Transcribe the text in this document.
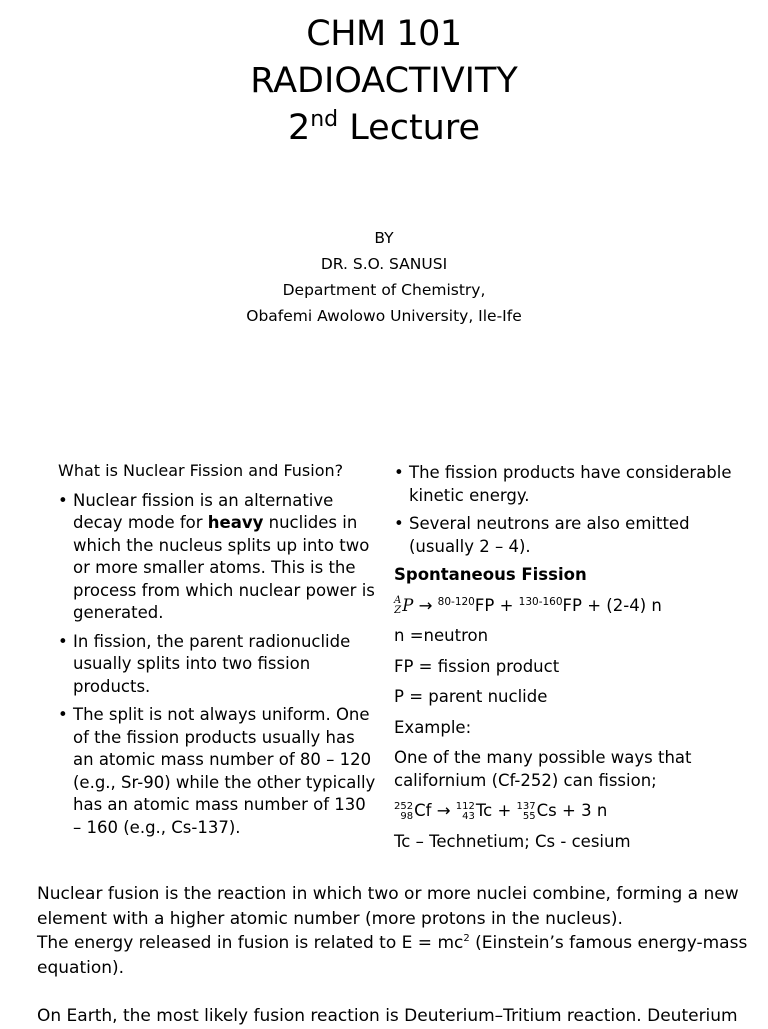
CHM 101
RADIOACTIVITY
2nd Lecture
BY
DR. S.O. SANUSI
Department of Chemistry,
Obafemi Awolowo University, Ile-Ife
What is Nuclear Fission and Fusion?
• Nuclear fission is an alternative decay mode for heavy nuclides in which the nucleus splits up into two or more smaller atoms. This is the process from which nuclear power is generated.
• In fission, the parent radionuclide usually splits into two fission products.
• The split is not always uniform. One of the fission products usually has an atomic mass number of 80 – 120 (e.g., Sr-90) while the other typically has an atomic mass number of 130 – 160 (e.g., Cs-137).
• The fission products have considerable kinetic energy.
• Several neutrons are also emitted (usually 2 – 4).
Spontaneous Fission
A
Z P → $^{80-120}$FP + $^{130-160}$FP + (2-4) n
n =neutron
FP = fission product
P = parent nuclide
Example:
One of the many possible ways that californium (Cf-252) can fission;
252
98 Cf → 112
43 Tc + 137
55 Cs + 3 n
Tc – Technetium; Cs - cesium

Nuclear fusion is the reaction in which two or more nuclei combine, forming a new element with a higher atomic number (more protons in the nucleus).

The energy released in fusion is related to $E = mc^2$ (Einstein’s famous energy-mass equation).

On Earth, the most likely fusion reaction is Deuterium–Tritium reaction. Deuterium
